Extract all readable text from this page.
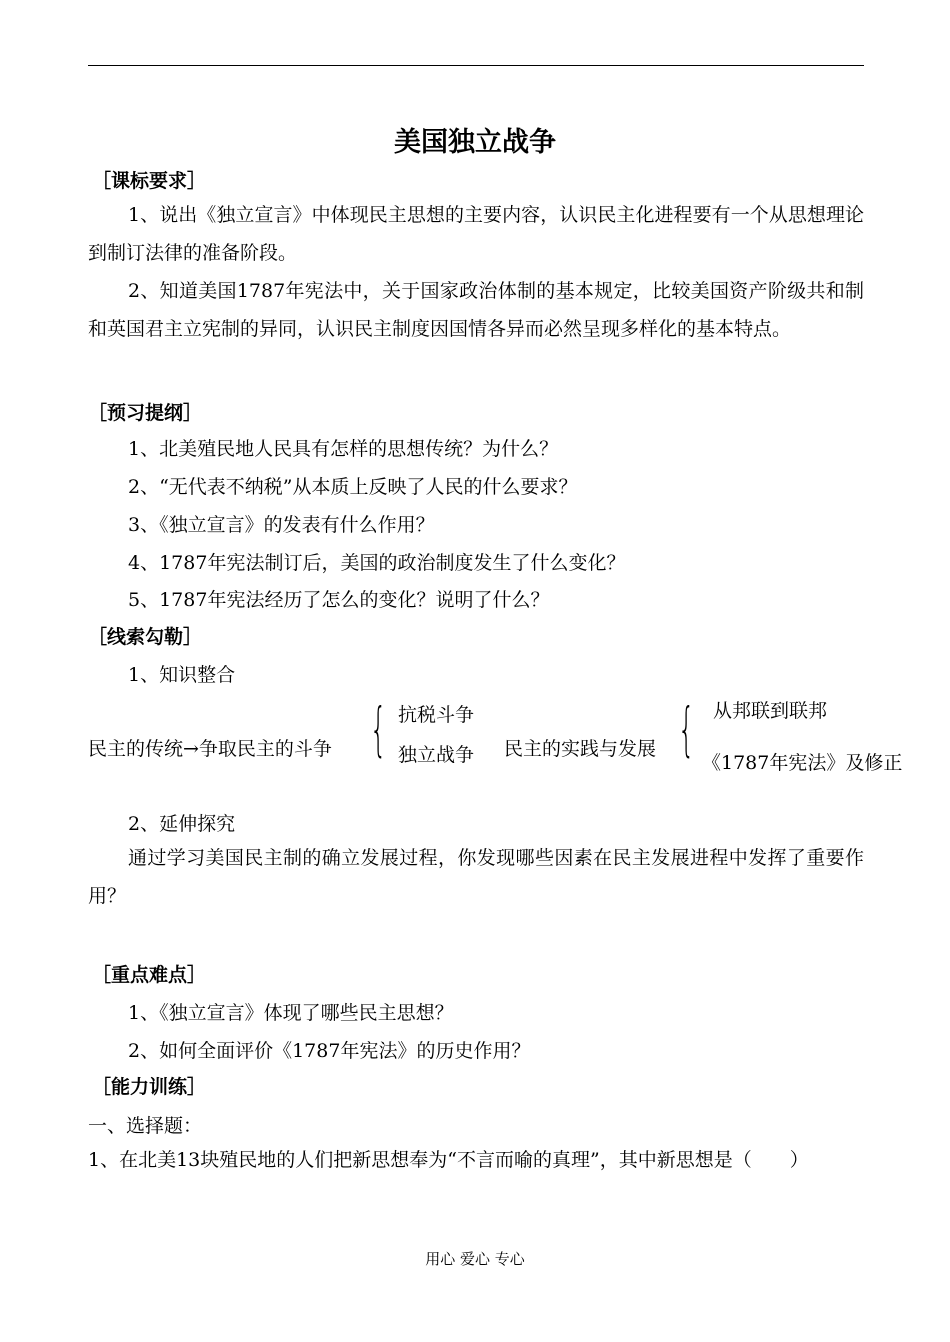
美国独立战争
［课标要求］
1、说出《独立宣言》中体现民主思想的主要内容，认识民主化进程要有一个从思想理论到制订法律的准备阶段。
2、知道美国1787年宪法中，关于国家政治体制的基本规定，比较美国资产阶级共和制和英国君主立宪制的异同，认识民主制度因国情各异而必然呈现多样化的基本特点。
［预习提纲］
1、北美殖民地人民具有怎样的思想传统？为什么？
2、“无代表不纳税”从本质上反映了人民的什么要求？
3、《独立宣言》的发表有什么作用？
4、1787年宪法制订后，美国的政治制度发生了什么变化？
5、1787年宪法经历了怎么的变化？说明了什么？
［线索勾勒］
1、知识整合
民主的传统→争取民主的斗争 { 抗税斗争
独立战争 民主的实践与发展 { 从邦联到联邦
《1787年宪法》及修正
2、延伸探究
通过学习美国民主制的确立发展过程，你发现哪些因素在民主发展进程中发挥了重要作用？
［重点难点］
1、《独立宣言》体现了哪些民主思想？
2、如何全面评价《1787年宪法》的历史作用？
［能力训练］
一、选择题：
1、在北美13块殖民地的人们把新思想奉为“不言而喻的真理”，其中新思想是（　　）
用心 爱心 专心
